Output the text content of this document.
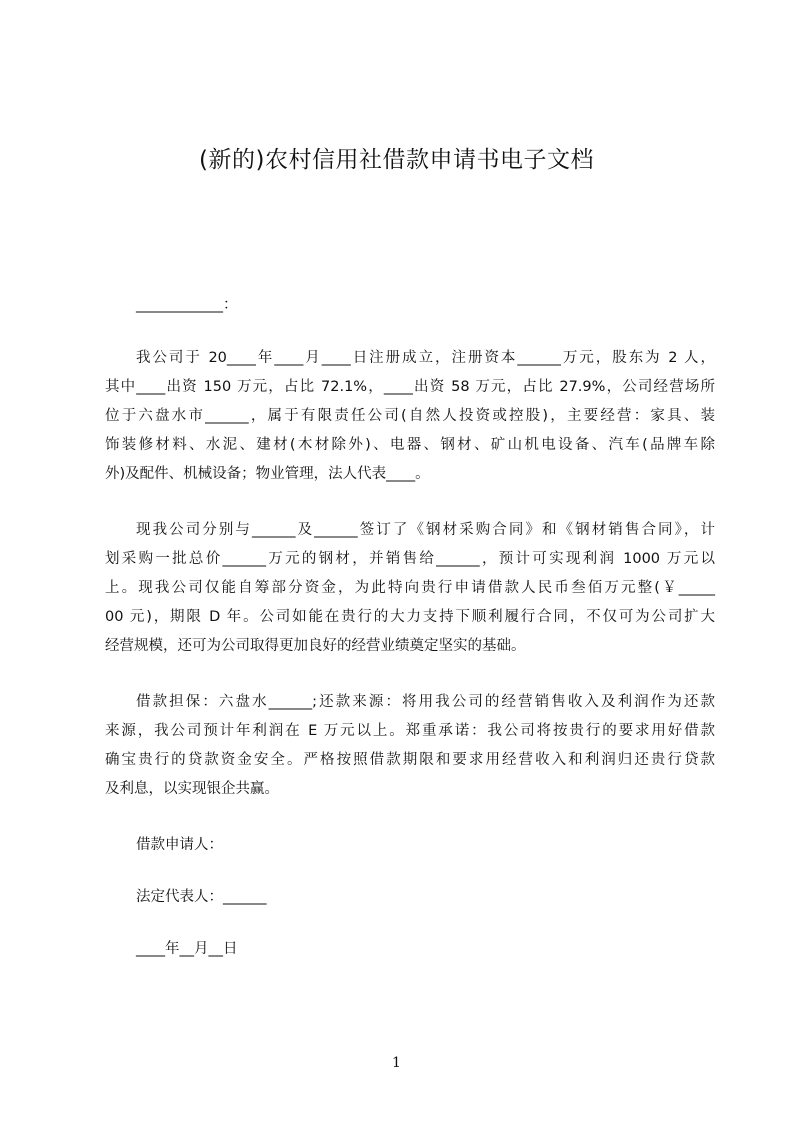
(新的)农村信用社借款申请书电子文档
____________：
我公司于 20____年____月____日注册成立，注册资本______万元，股东为 2 人，
其中____出资 150 万元，占比 72.1%，____出资 58 万元，占比 27.9%，公司经营场所
位于六盘水市______，属于有限责任公司(自然人投资或控股)，主要经营：家具、装
饰装修材料、水泥、建材(木材除外)、电器、钢材、矿山机电设备、汽车(品牌车除
外)及配件、机械设备；物业管理，法人代表____。
现我公司分别与______及______签订了《钢材采购合同》和《钢材销售合同》，计
划采购一批总价______万元的钢材，并销售给______，预计可实现利润 1000 万元以
上。现我公司仅能自筹部分资金，为此特向贵行申请借款人民币叁佰万元整(￥_____
00 元)，期限 D 年。公司如能在贵行的大力支持下顺利履行合同，不仅可为公司扩大
经营规模，还可为公司取得更加良好的经营业绩奠定坚实的基础。
借款担保：六盘水______;还款来源：将用我公司的经营销售收入及利润作为还款
来源，我公司预计年利润在 E 万元以上。郑重承诺：我公司将按贵行的要求用好借款
确宝贵行的贷款资金安全。严格按照借款期限和要求用经营收入和利润归还贵行贷款
及利息，以实现银企共赢。
借款申请人：
法定代表人：______
____年__月__日
1
